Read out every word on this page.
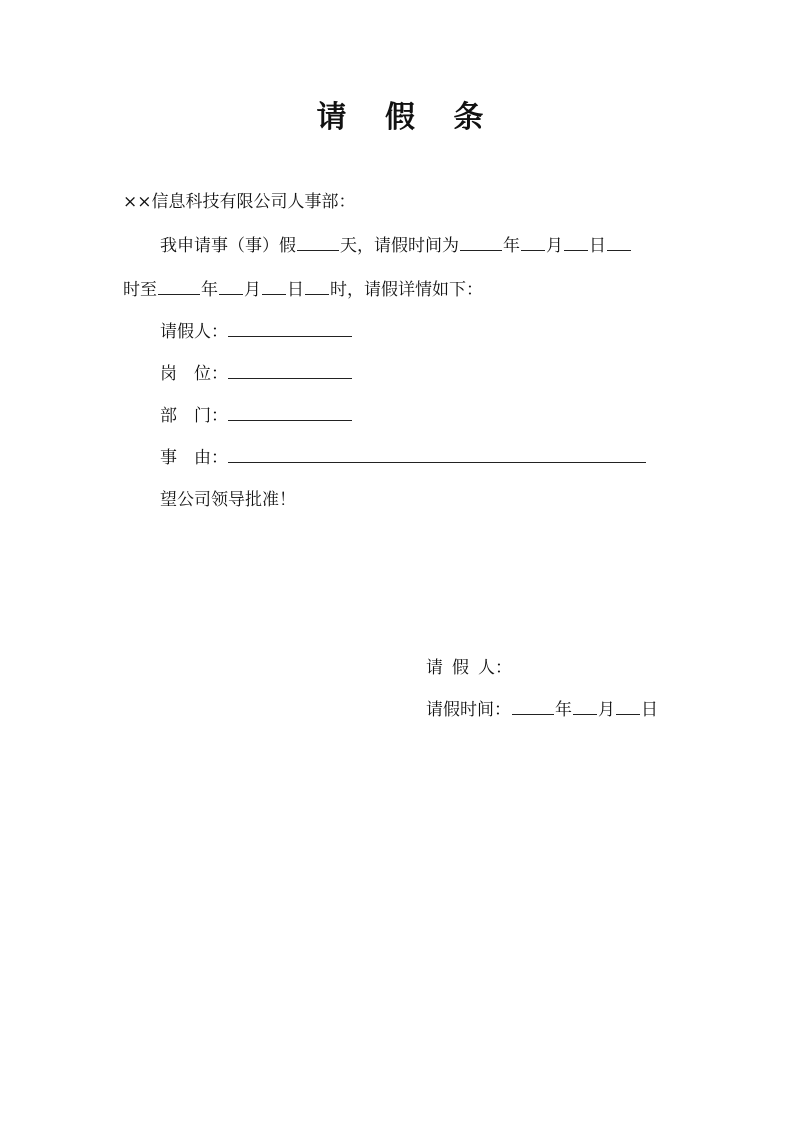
请 假 条
××信息科技有限公司人事部：
我申请事（事）假	天，请假时间为	年 月 日
时至	年 月 日 时，请假详情如下：
请假人：
岗位：
部门：
事由：
望公司领导批准！
请假人：
请假时间：	年 月 日
